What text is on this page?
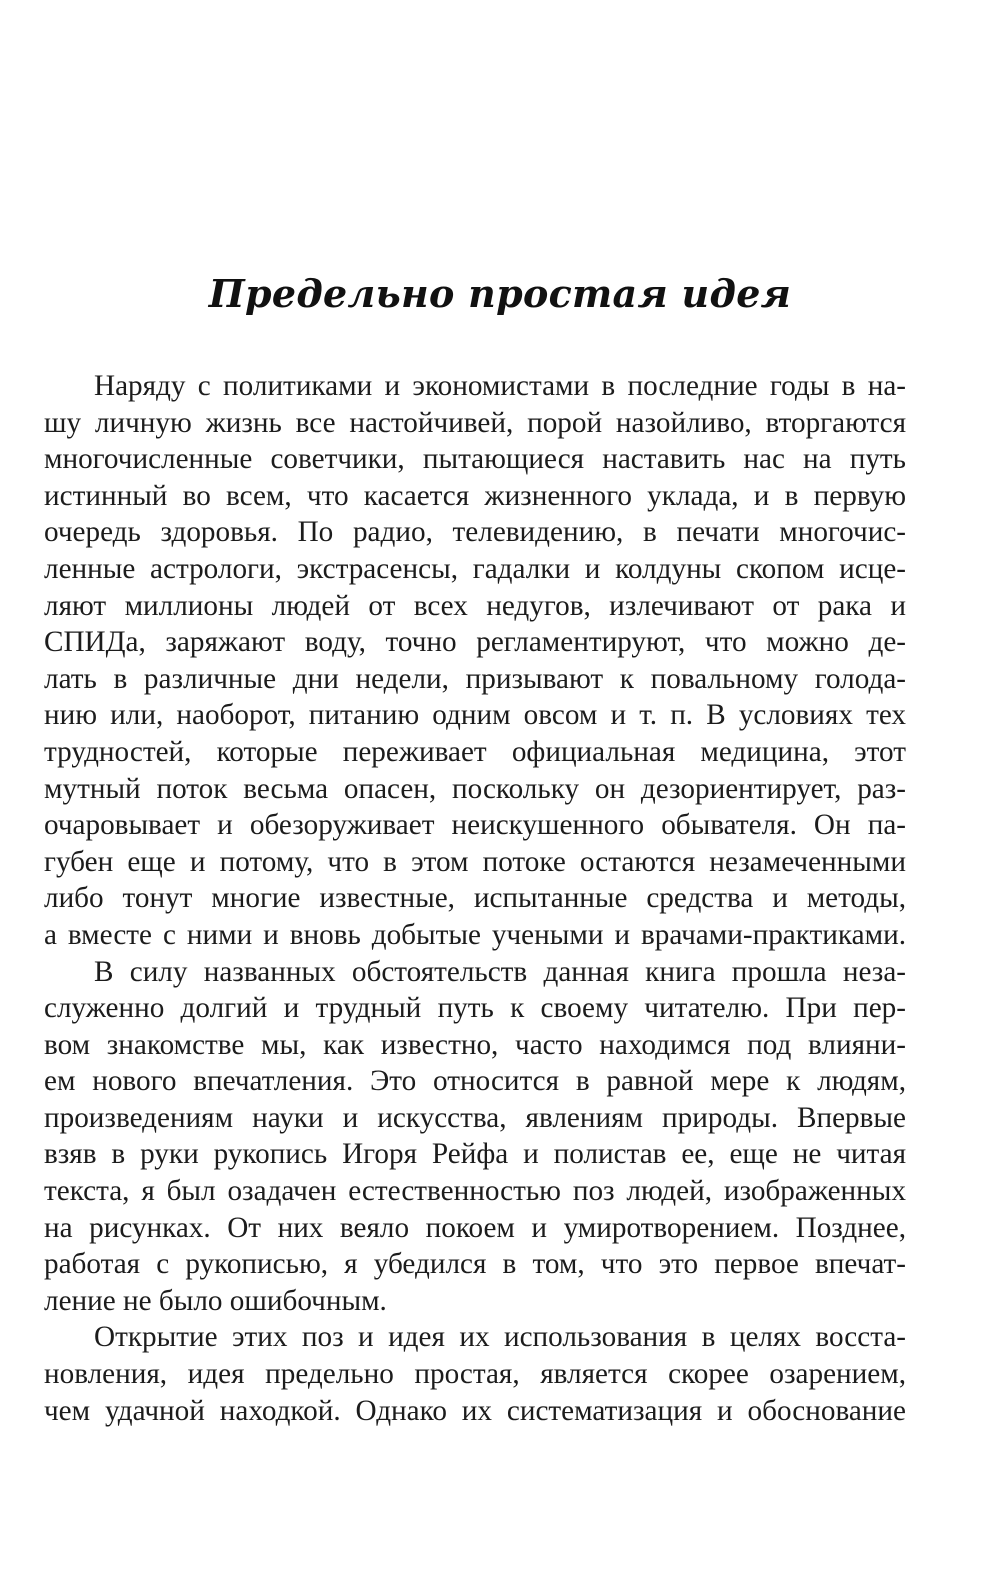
Предельно простая идея
Наряду с политиками и экономистами в последние годы в на-
шу личную жизнь все настойчивей, порой назойливо, вторгаются
многочисленные советчики, пытающиеся наставить нас на путь
истинный во всем, что касается жизненного уклада, и в первую
очередь здоровья. По радио, телевидению, в печати многочис-
ленные астрологи, экстрасенсы, гадалки и колдуны скопом исце-
ляют миллионы людей от всех недугов, излечивают от рака и
СПИДа, заряжают воду, точно регламентируют, что можно де-
лать в различные дни недели, призывают к повальному голода-
нию или, наоборот, питанию одним овсом и т. п. В условиях тех
трудностей, которые переживает официальная медицина, этот
мутный поток весьма опасен, поскольку он дезориентирует, раз-
очаровывает и обезоруживает неискушенного обывателя. Он па-
губен еще и потому, что в этом потоке остаются незамеченными
либо тонут многие известные, испытанные средства и методы,
а вместе с ними и вновь добытые учеными и врачами-практиками.
В силу названных обстоятельств данная книга прошла неза-
служенно долгий и трудный путь к своему читателю. При пер-
вом знакомстве мы, как известно, часто находимся под влияни-
ем нового впечатления. Это относится в равной мере к людям,
произведениям науки и искусства, явлениям природы. Впервые
взяв в руки рукопись Игоря Рейфа и полистав ее, еще не читая
текста, я был озадачен естественностью поз людей, изображенных
на рисунках. От них веяло покоем и умиротворением. Позднее,
работая с рукописью, я убедился в том, что это первое впечат-
ление не было ошибочным.
Открытие этих поз и идея их использования в целях восста-
новления, идея предельно простая, является скорее озарением,
чем удачной находкой. Однако их систематизация и обоснование
